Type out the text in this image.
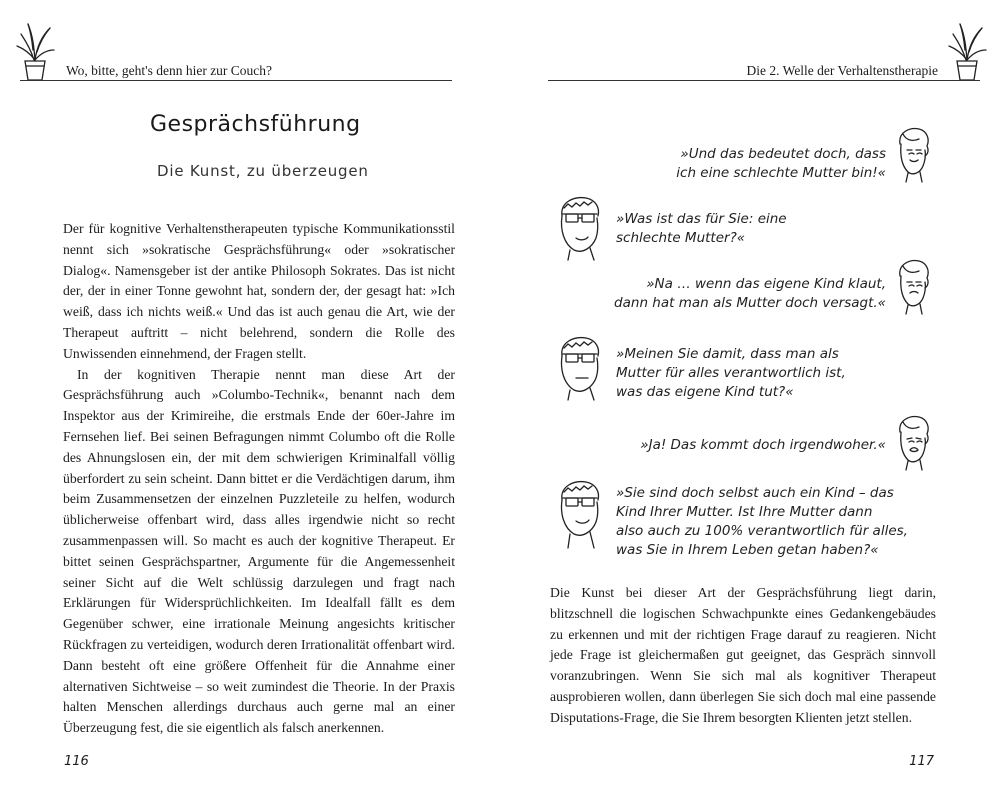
Wo, bitte, geht's denn hier zur Couch?
Gesprächsführung
Die Kunst, zu überzeugen

Der für kognitive Verhaltenstherapeuten typische Kommunikationsstil nennt sich »sokratische Gesprächsführung« oder »sokratischer Dialog«. Namensgeber ist der antike Philosoph Sokrates. Das ist nicht der, der in einer Tonne gewohnt hat, sondern der, der gesagt hat: »Ich weiß, dass ich nichts weiß.« Und das ist auch genau die Art, wie der Therapeut auftritt – nicht belehrend, sondern die Rolle des Unwissenden einnehmend, der Fragen stellt.

In der kognitiven Therapie nennt man diese Art der Gesprächsführung auch »Columbo-Technik«, benannt nach dem Inspektor aus der Krimireihe, die erstmals Ende der 60er-Jahre im Fernsehen lief. Bei seinen Befragungen nimmt Columbo oft die Rolle des Ahnungslosen ein, der mit dem schwierigen Kriminalfall völlig überfordert zu sein scheint. Dann bittet er die Verdächtigen darum, ihm beim Zusammensetzen der einzelnen Puzzleteile zu helfen, wodurch üblicherweise offenbart wird, dass alles irgendwie nicht so recht zusammenpassen will. So macht es auch der kognitive Therapeut. Er bittet seinen Gesprächspartner, Argumente für die Angemessenheit seiner Sicht auf die Welt schlüssig darzulegen und fragt nach Erklärungen für Widersprüchlichkeiten. Im Idealfall fällt es dem Gegenüber schwer, eine irrationale Meinung angesichts kritischer Rückfragen zu verteidigen, wodurch deren Irrationalität offenbart wird. Dann besteht oft eine größere Offenheit für die Annahme einer alternativen Sichtweise – so weit zumindest die Theorie. In der Praxis halten Menschen allerdings durchaus auch gerne mal an einer Überzeugung fest, die sie eigentlich als falsch anerkennen.

116
Die 2. Welle der Verhaltenstherapie
»Und das bedeutet doch, dass
ich eine schlechte Mutter bin!«
»Was ist das für Sie: eine
schlechte Mutter?«
»Na … wenn das eigene Kind klaut,
dann hat man als Mutter doch versagt.«
»Meinen Sie damit, dass man als
Mutter für alles verantwortlich ist,
was das eigene Kind tut?«
»Ja! Das kommt doch irgendwoher.«
»Sie sind doch selbst auch ein Kind – das
Kind Ihrer Mutter. Ist Ihre Mutter dann
also auch zu 100% verantwortlich für alles,
was Sie in Ihrem Leben getan haben?«

Die Kunst bei dieser Art der Gesprächsführung liegt darin, blitzschnell die logischen Schwachpunkte eines Gedankengebäudes zu erkennen und mit der richtigen Frage darauf zu reagieren. Nicht jede Frage ist gleichermaßen gut geeignet, das Gespräch sinnvoll voranzubringen. Wenn Sie sich mal als kognitiver Therapeut ausprobieren wollen, dann überlegen Sie sich doch mal eine passende Disputations-Frage, die Sie Ihrem besorgten Klienten jetzt stellen.

117
